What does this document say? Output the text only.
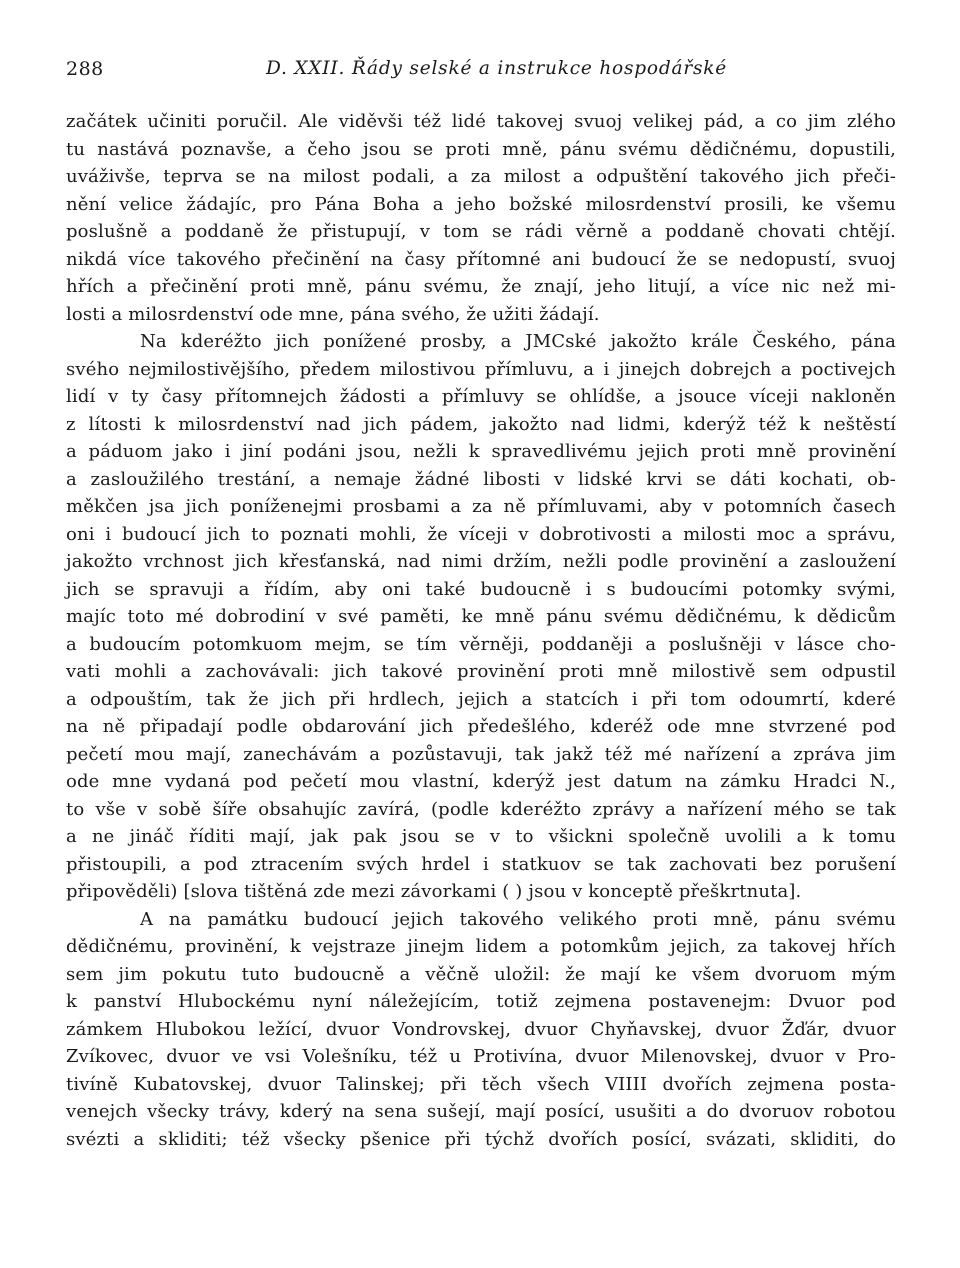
288	D. XXII. Řády selské a instrukce hospodářské
začátek učiniti poručil. Ale viděvši též lidé takovej svuoj velikej pád, a co jim zlého
tu nastává poznavše, a čeho jsou se proti mně, pánu svému dědičnému, dopustili,
uváživše, teprva se na milost podali, a za milost a odpuštění takového jich přeči-
nění velice žádajíc, pro Pána Boha a jeho božské milosrdenství prosili, ke všemu
poslušně a poddaně že přistupují, v tom se rádi věrně a poddaně chovati chtějí.
nikdá více takového přečinění na časy přítomné ani budoucí že se nedopustí, svuoj
hřích a přečinění proti mně, pánu svému, že znají, jeho litují, a více nic než mi-
losti a milosrdenství ode mne, pána svého, že užiti žádají.
Na kderéžto jich ponížené prosby, a JMCské jakožto krále Českého, pána
svého nejmilostivějšího, předem milostivou přímluvu, a i jinejch dobrejch a poctivejch
lidí v ty časy přítomnejch žádosti a přímluvy se ohlídše, a jsouce víceji nakloněn
z lítosti k milosrdenství nad jich pádem, jakožto nad lidmi, kderýž též k neštěstí
a páduom jako i jiní podáni jsou, nežli k spravedlivému jejich proti mně provinění
a zasloužilého trestání, a nemaje žádné libosti v lidské krvi se dáti kochati, ob-
měkčen jsa jich poníženejmi prosbami a za ně přímluvami, aby v potomních časech
oni i budoucí jich to poznati mohli, že víceji v dobrotivosti a milosti moc a správu,
jakožto vrchnost jich křesťanská, nad nimi držím, nežli podle provinění a zasloužení
jich se spravuji a řídím, aby oni také budoucně i s budoucími potomky svými,
majíc toto mé dobrodiní v své paměti, ke mně pánu svému dědičnému, k dědicům
a budoucím potomkuom mejm, se tím věrněji, poddaněji a poslušněji v lásce cho-
vati mohli a zachovávali: jich takové provinění proti mně milostivě sem odpustil
a odpouštím, tak že jich při hrdlech, jejich a statcích i při tom odoumrtí, kderé
na ně připadají podle obdarování jich předešlého, kderéž ode mne stvrzené pod
pečetí mou mají, zanechávám a pozůstavuji, tak jakž též mé nařízení a zpráva jim
ode mne vydaná pod pečetí mou vlastní, kderýž jest datum na zámku Hradci N.,
to vše v sobě šíře obsahujíc zavírá, (podle kderéžto zprávy a nařízení mého se tak
a ne jináč říditi mají, jak pak jsou se v to všickni společně uvolili a k tomu
přistoupili, a pod ztracením svých hrdel i statkuov se tak zachovati bez porušení
připověděli) [slova tištěná zde mezi závorkami ( ) jsou v konceptě přeškrtnuta].
A na památku budoucí jejich takového velikého proti mně, pánu svému
dědičnému, provinění, k vejstraze jinejm lidem a potomkům jejich, za takovej hřích
sem jim pokutu tuto budoucně a věčně uložil: že mají ke všem dvoruom mým
k panství Hlubockému nyní náležejícím, totiž zejmena postavenejm: Dvuor pod
zámkem Hlubokou ležící, dvuor Vondrovskej, dvuor Chyňavskej, dvuor Žďár, dvuor
Zvíkovec, dvuor ve vsi Volešníku, též u Protivína, dvuor Milenovskej, dvuor v Pro-
tivíně Kubatovskej, dvuor Talinskej; při těch všech VIIII dvořích zejmena posta-
venejch všecky trávy, kderý na sena sušejí, mají posící, usušiti a do dvoruov robotou
svézti a skliditi; též všecky pšenice při týchž dvořích posící, svázati, skliditi, do
